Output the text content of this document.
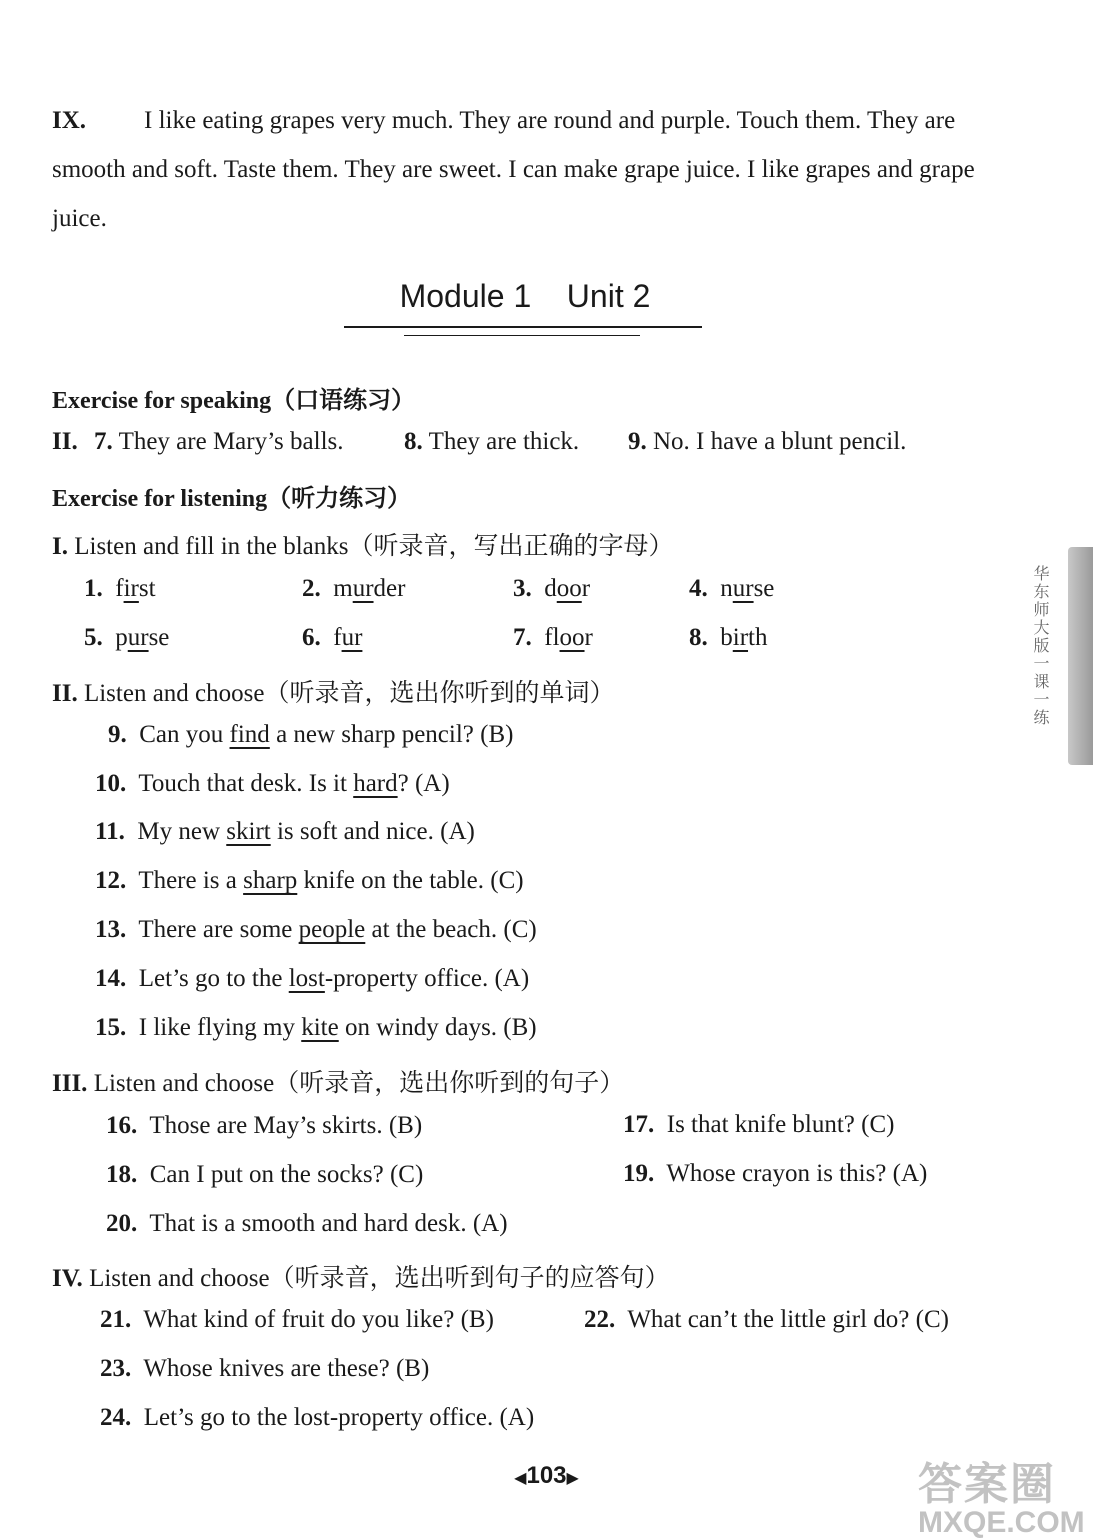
IX. I like eating grapes very much. They are round and purple. Touch them. They are smooth and soft. Taste them. They are sweet. I can make grape juice. I like grapes and grape juice.
Module 1    Unit 2
Exercise for speaking（口语练习）
II. 7. They are Mary’s balls. 8. They are thick. 9. No. I have a blunt pencil.
Exercise for listening（听力练习）
I. Listen and fill in the blanks（听录音，写出正确的字母）
1. first	2. murder	3. door	4. nurse
5. purse	6. fur	7. floor	8. birth
II. Listen and choose（听录音，选出你听到的单词）
9. Can you find a new sharp pencil? (B)
10. Touch that desk. Is it hard? (A)
11. My new skirt is soft and nice. (A)
12. There is a sharp knife on the table. (C)
13. There are some people at the beach. (C)
14. Let’s go to the lost-property office. (A)
15. I like flying my kite on windy days. (B)
III. Listen and choose（听录音，选出你听到的句子）
16. Those are May’s skirts. (B)	17. Is that knife blunt? (C)
18. Can I put on the socks? (C)	19. Whose crayon is this? (A)
20. That is a smooth and hard desk. (A)
IV. Listen and choose（听录音，选出听到句子的应答句）
21. What kind of fruit do you like? (B)	22. What can’t the little girl do? (C)
23. Whose knives are these? (B)
24. Let’s go to the lost-property office. (A)
华东师大版一课一练
◀103▶	答案圈
MXQE.COM
